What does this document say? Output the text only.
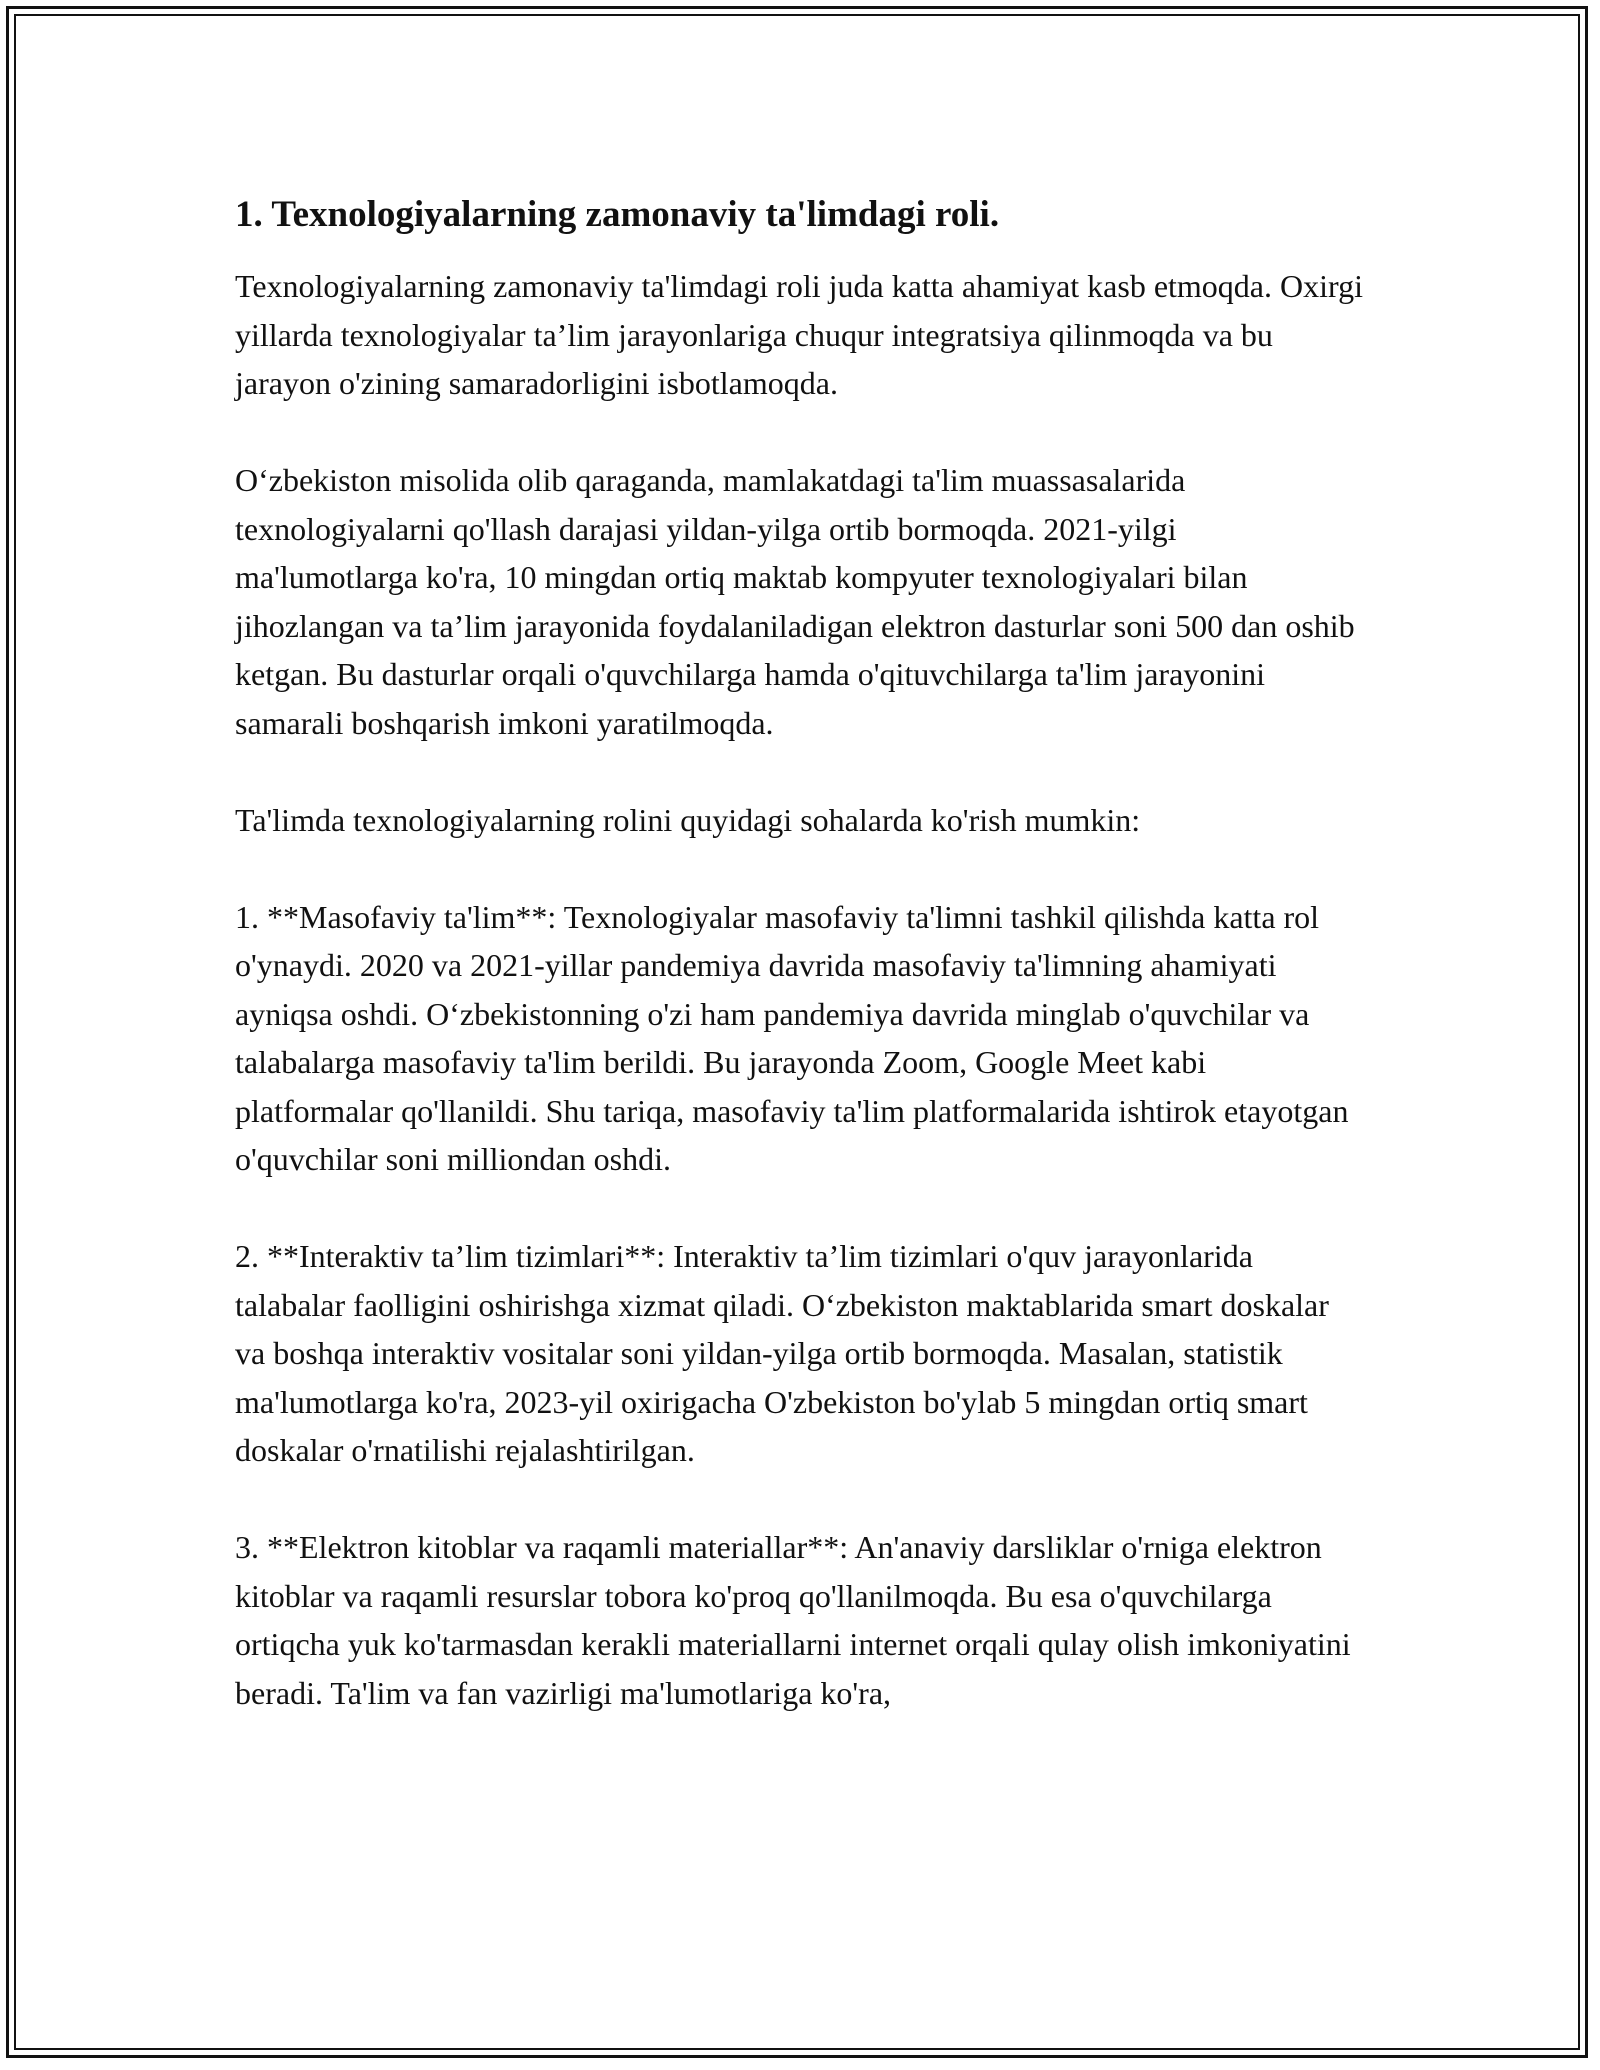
1. Texnologiyalarning zamonaviy ta'limdagi roli.

Texnologiyalarning zamonaviy ta'limdagi roli juda katta ahamiyat kasb etmoqda. Oxirgi yillarda texnologiyalar ta’lim jarayonlariga chuqur integratsiya qilinmoqda va bu jarayon o'zining samaradorligini isbotlamoqda.

O‘zbekiston misolida olib qaraganda, mamlakatdagi ta'lim muassasalarida texnologiyalarni qo'llash darajasi yildan-yilga ortib bormoqda. 2021-yilgi ma'lumotlarga ko'ra, 10 mingdan ortiq maktab kompyuter texnologiyalari bilan jihozlangan va ta’lim jarayonida foydalaniladigan elektron dasturlar soni 500 dan oshib ketgan. Bu dasturlar orqali o'quvchilarga hamda o'qituvchilarga ta'lim jarayonini samarali boshqarish imkoni yaratilmoqda.

Ta'limda texnologiyalarning rolini quyidagi sohalarda ko'rish mumkin:

1. **Masofaviy ta'lim**: Texnologiyalar masofaviy ta'limni tashkil qilishda katta rol o'ynaydi. 2020 va 2021-yillar pandemiya davrida masofaviy ta'limning ahamiyati ayniqsa oshdi. O‘zbekistonning o'zi ham pandemiya davrida minglab o'quvchilar va talabalarga masofaviy ta'lim berildi. Bu jarayonda Zoom, Google Meet kabi platformalar qo'llanildi. Shu tariqa, masofaviy ta'lim platformalarida ishtirok etayotgan o'quvchilar soni milliondan oshdi.

2. **Interaktiv ta’lim tizimlari**: Interaktiv ta’lim tizimlari o'quv jarayonlarida talabalar faolligini oshirishga xizmat qiladi. O‘zbekiston maktablarida smart doskalar va boshqa interaktiv vositalar soni yildan-yilga ortib bormoqda. Masalan, statistik ma'lumotlarga ko'ra, 2023-yil oxirigacha O'zbekiston bo'ylab 5 mingdan ortiq smart doskalar o'rnatilishi rejalashtirilgan.

3. **Elektron kitoblar va raqamli materiallar**: An'anaviy darsliklar o'rniga elektron kitoblar va raqamli resurslar tobora ko'proq qo'llanilmoqda. Bu esa o'quvchilarga ortiqcha yuk ko'tarmasdan kerakli materiallarni internet orqali qulay olish imkoniyatini beradi. Ta'lim va fan vazirligi ma'lumotlariga ko'ra,
